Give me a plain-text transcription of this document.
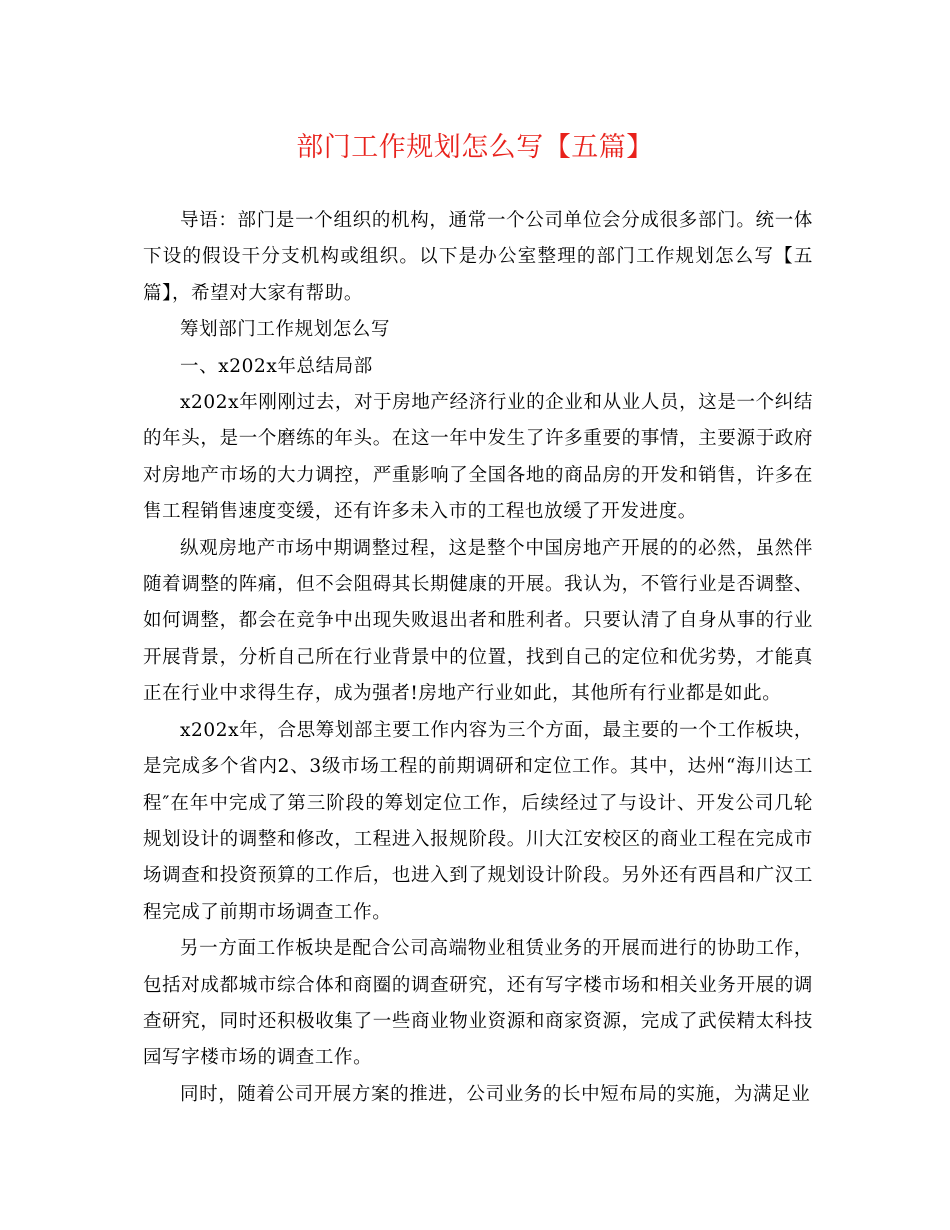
部门工作规划怎么写【五篇】

导语：部门是一个组织的机构，通常一个公司单位会分成很多部门。统一体下设的假设干分支机构或组织。以下是办公室整理的部门工作规划怎么写【五篇】，希望对大家有帮助。

筹划部门工作规划怎么写

一、x202x年总结局部

x202x年刚刚过去，对于房地产经济行业的企业和从业人员，这是一个纠结的年头，是一个磨练的年头。在这一年中发生了许多重要的事情，主要源于政府对房地产市场的大力调控，严重影响了全国各地的商品房的开发和销售，许多在售工程销售速度变缓，还有许多未入市的工程也放缓了开发进度。

纵观房地产市场中期调整过程，这是整个中国房地产开展的的必然，虽然伴随着调整的阵痛，但不会阻碍其长期健康的开展。我认为，不管行业是否调整、如何调整，都会在竞争中出现失败退出者和胜利者。只要认清了自身从事的行业开展背景，分析自己所在行业背景中的位置，找到自己的定位和优劣势，才能真正在行业中求得生存，成为强者!房地产行业如此，其他所有行业都是如此。

x202x年，合思筹划部主要工作内容为三个方面，最主要的一个工作板块，是完成多个省内2、3级市场工程的前期调研和定位工作。其中，达州“海川达工程″在年中完成了第三阶段的筹划定位工作，后续经过了与设计、开发公司几轮规划设计的调整和修改，工程进入报规阶段。川大江安校区的商业工程在完成市场调查和投资预算的工作后，也进入到了规划设计阶段。另外还有西昌和广汉工程完成了前期市场调查工作。

另一方面工作板块是配合公司高端物业租赁业务的开展而进行的协助工作，包括对成都城市综合体和商圈的调查研究，还有写字楼市场和相关业务开展的调查研究，同时还积极收集了一些商业物业资源和商家资源，完成了武侯精太科技园写字楼市场的调查工作。

同时，随着公司开展方案的推进，公司业务的长中短布局的实施，为满足业
